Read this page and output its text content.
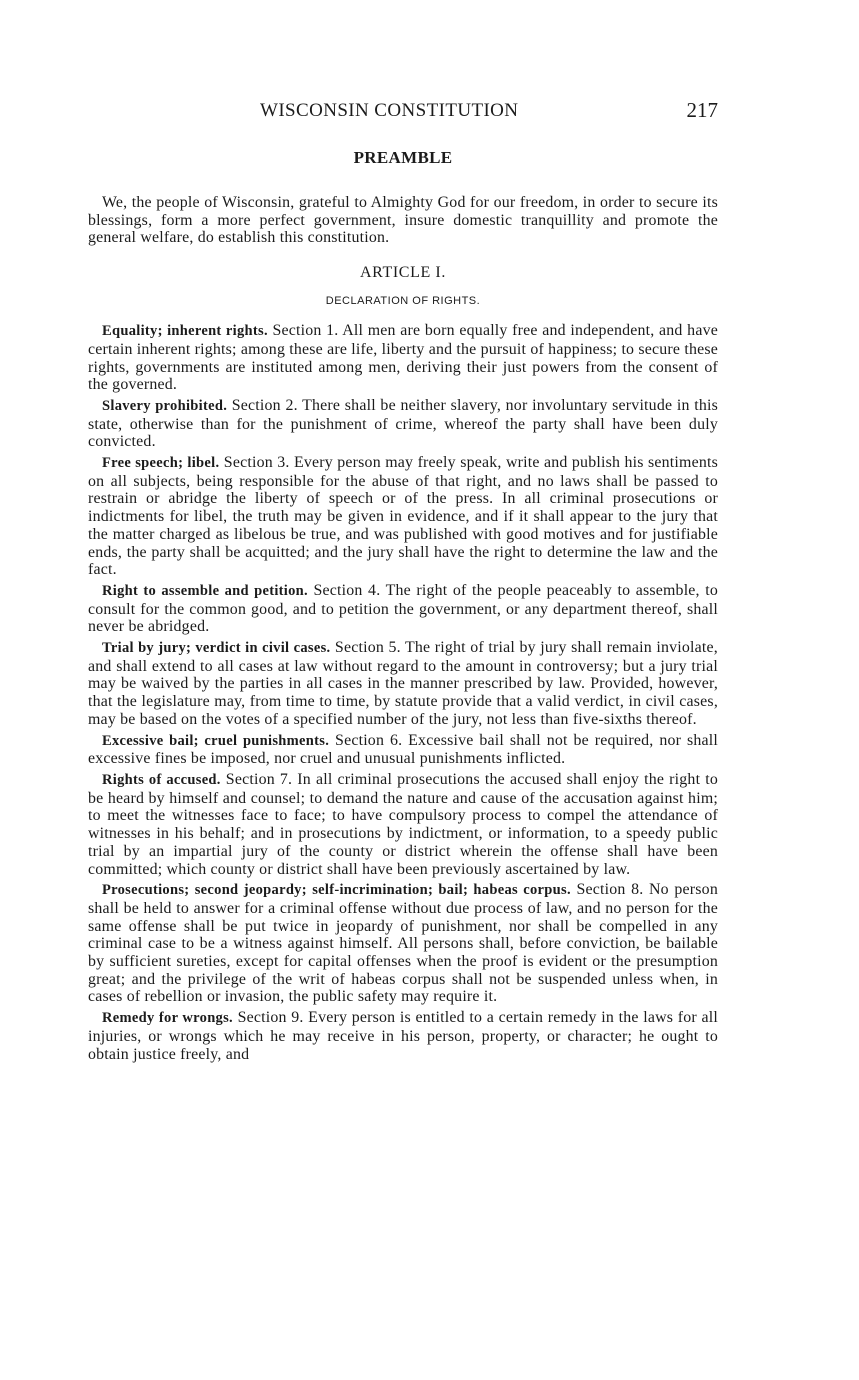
WISCONSIN CONSTITUTION	217
PREAMBLE

We, the people of Wisconsin, grateful to Almighty God for our freedom, in order to secure its blessings, form a more perfect government, insure domestic tranquillity and promote the general welfare, do establish this constitution.

ARTICLE I.
DECLARATION OF RIGHTS.

Equality; inherent rights. Section 1. All men are born equally free and independent, and have certain inherent rights; among these are life, liberty and the pursuit of happiness; to secure these rights, governments are instituted among men, deriving their just powers from the consent of the governed.

Slavery prohibited. Section 2. There shall be neither slavery, nor involuntary servitude in this state, otherwise than for the punishment of crime, whereof the party shall have been duly convicted.

Free speech; libel. Section 3. Every person may freely speak, write and publish his sentiments on all subjects, being responsible for the abuse of that right, and no laws shall be passed to restrain or abridge the liberty of speech or of the press. In all criminal prosecutions or indictments for libel, the truth may be given in evidence, and if it shall appear to the jury that the matter charged as libelous be true, and was published with good motives and for justifiable ends, the party shall be acquitted; and the jury shall have the right to determine the law and the fact.

Right to assemble and petition. Section 4. The right of the people peaceably to assemble, to consult for the common good, and to petition the government, or any department thereof, shall never be abridged.

Trial by jury; verdict in civil cases. Section 5. The right of trial by jury shall remain inviolate, and shall extend to all cases at law without regard to the amount in controversy; but a jury trial may be waived by the parties in all cases in the manner prescribed by law. Provided, however, that the legislature may, from time to time, by statute provide that a valid verdict, in civil cases, may be based on the votes of a specified number of the jury, not less than five-sixths thereof.

Excessive bail; cruel punishments. Section 6. Excessive bail shall not be required, nor shall excessive fines be imposed, nor cruel and unusual punishments inflicted.

Rights of accused. Section 7. In all criminal prosecutions the accused shall enjoy the right to be heard by himself and counsel; to demand the nature and cause of the accusation against him; to meet the witnesses face to face; to have compulsory process to compel the attendance of witnesses in his behalf; and in prosecutions by indictment, or information, to a speedy public trial by an impartial jury of the county or district wherein the offense shall have been committed; which county or district shall have been previously ascertained by law.

Prosecutions; second jeopardy; self-incrimination; bail; habeas corpus. Section 8. No person shall be held to answer for a criminal offense without due process of law, and no person for the same offense shall be put twice in jeopardy of punishment, nor shall be compelled in any criminal case to be a witness against himself. All persons shall, before conviction, be bailable by sufficient sureties, except for capital offenses when the proof is evident or the presumption great; and the privilege of the writ of habeas corpus shall not be suspended unless when, in cases of rebellion or invasion, the public safety may require it.

Remedy for wrongs. Section 9. Every person is entitled to a certain remedy in the laws for all injuries, or wrongs which he may receive in his person, property, or character; he ought to obtain justice freely, and
